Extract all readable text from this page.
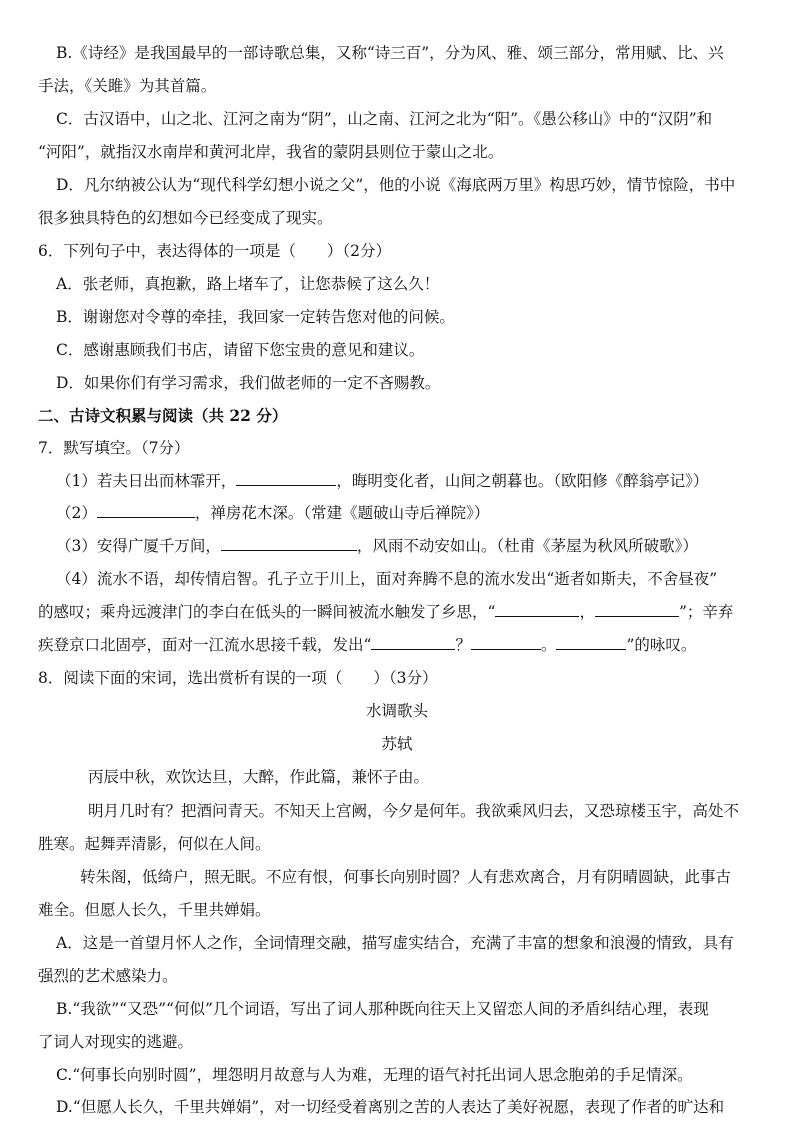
B.《诗经》是我国最早的一部诗歌总集，又称“诗三百”，分为风、雅、颂三部分，常用赋、比、兴
手法，《关雎》为其首篇。
C．古汉语中，山之北、江河之南为“阴”，山之南、江河之北为“阳”。《愚公移山》中的“汉阴”和
“河阳”，就指汉水南岸和黄河北岸，我省的蒙阴县则位于蒙山之北。
D．凡尔纳被公认为“现代科学幻想小说之父”，他的小说《海底两万里》构思巧妙，情节惊险，书中
很多独具特色的幻想如今已经变成了现实。
6．下列句子中，表达得体的一项是（　　）（2分）
A．张老师，真抱歉，路上堵车了，让您恭候了这么久！
B．谢谢您对令尊的牵挂，我回家一定转告您对他的问候。
C．感谢惠顾我们书店，请留下您宝贵的意见和建议。
D．如果你们有学习需求，我们做老师的一定不吝赐教。
二、古诗文积累与阅读（共 22 分）
7．默写填空。（7分）
（1）若夫日出而林霏开，	，晦明变化者，山间之朝暮也。（欧阳修《醉翁亭记》）
（2）	，禅房花木深。（常建《题破山寺后禅院》）
（3）安得广厦千万间，	，风雨不动安如山。（杜甫《茅屋为秋风所破歌》）
（4）流水不语，却传情启智。孔子立于川上，面对奔腾不息的流水发出“逝者如斯夫，不舍昼夜”
的感叹；乘舟远渡津门的李白在低头的一瞬间被流水触发了乡思，“	，	”；辛弃
疾登京口北固亭，面对一江流水思接千载，发出“	？	。	”的咏叹。
8．阅读下面的宋词，选出赏析有误的一项（　　）（3分）
水调歌头
苏轼
丙辰中秋，欢饮达旦，大醉，作此篇，兼怀子由。
明月几时有？把酒问青天。不知天上宫阙，今夕是何年。我欲乘风归去，又恐琼楼玉宇，高处不
胜寒。起舞弄清影，何似在人间。
转朱阁，低绮户，照无眠。不应有恨，何事长向别时圆？人有悲欢离合，月有阴晴圆缺，此事古
难全。但愿人长久，千里共婵娟。
A．这是一首望月怀人之作，全词情理交融，描写虚实结合，充满了丰富的想象和浪漫的情致，具有
强烈的艺术感染力。
B.“我欲”“又恐”“何似”几个词语，写出了词人那种既向往天上又留恋人间的矛盾纠结心理，表现
了词人对现实的逃避。
C.“何事长向别时圆”，埋怨明月故意与人为难，无理的语气衬托出词人思念胞弟的手足情深。
D.“但愿人长久，千里共婵娟”，对一切经受着离别之苦的人表达了美好祝愿，表现了作者的旷达和
